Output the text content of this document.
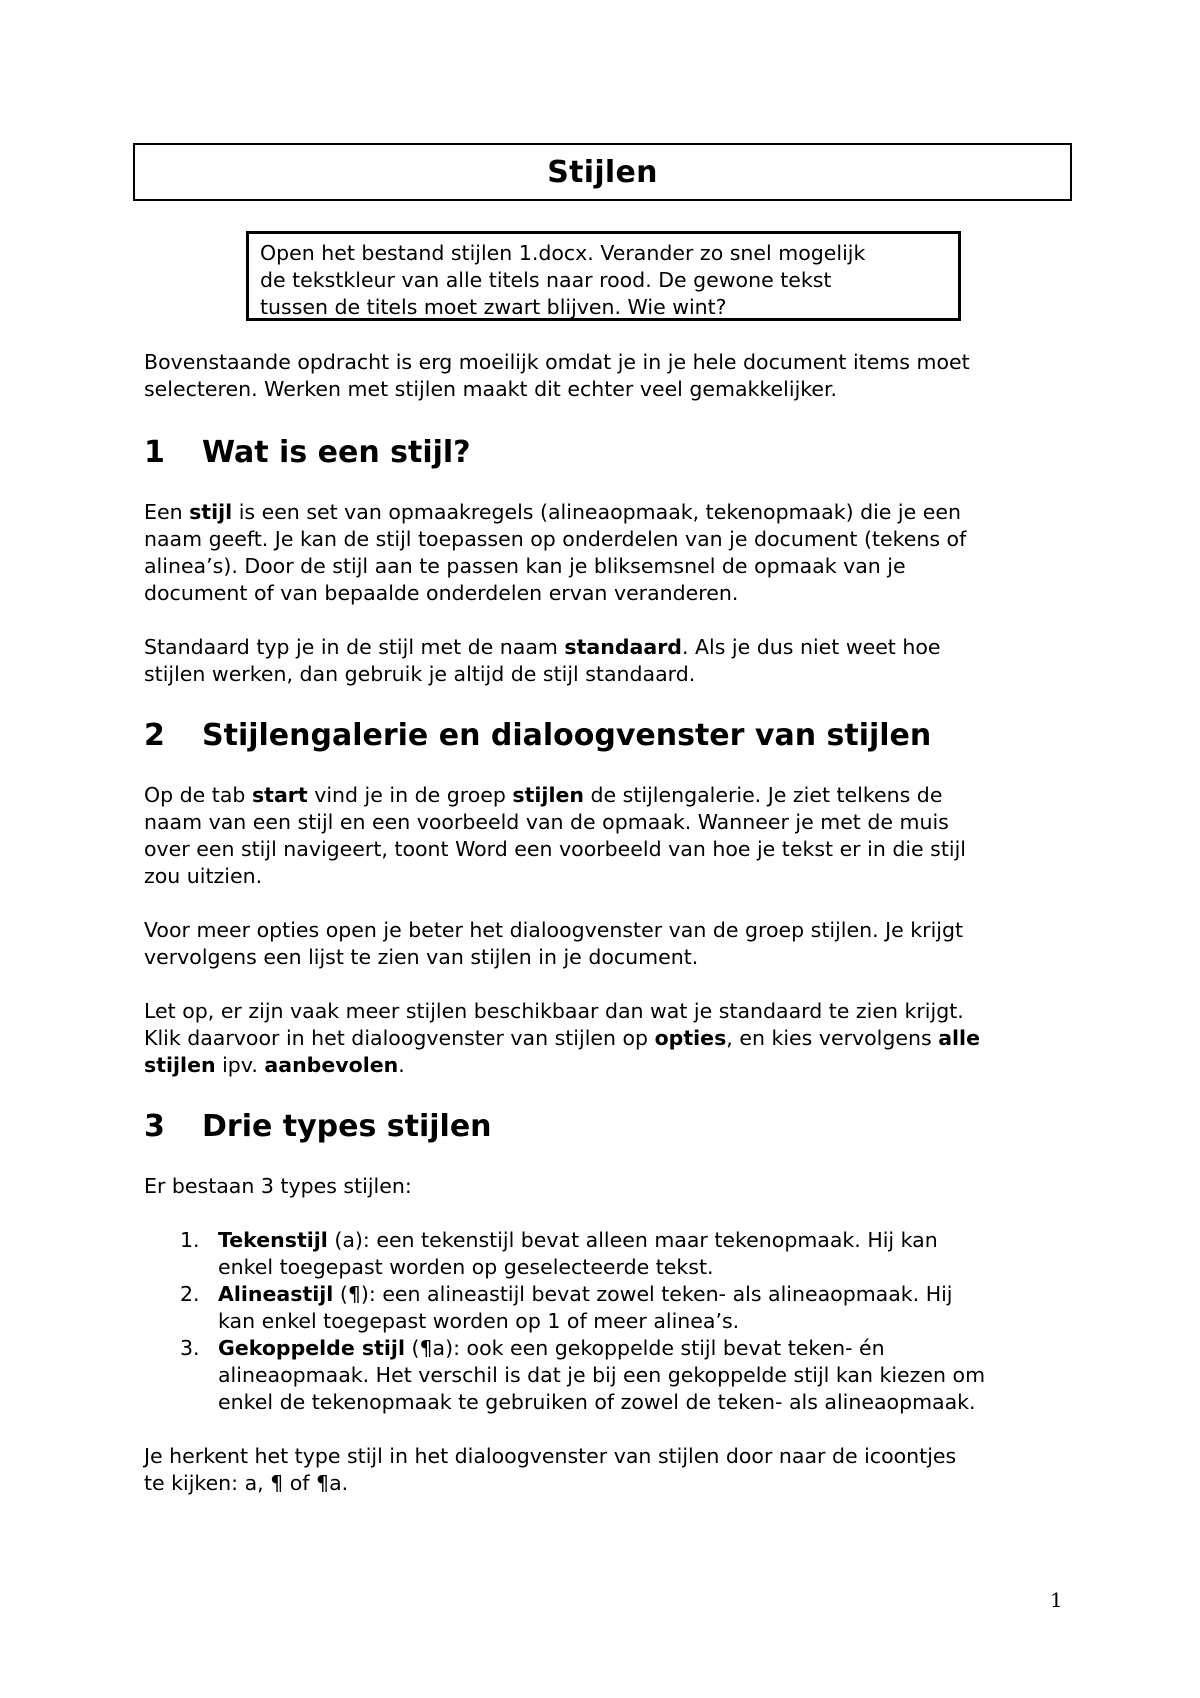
Stijlen
Open het bestand stijlen 1.docx. Verander zo snel mogelijk
de tekstkleur van alle titels naar rood. De gewone tekst
tussen de titels moet zwart blijven. Wie wint?

Bovenstaande opdracht is erg moeilijk omdat je in je hele document items moet
selecteren. Werken met stijlen maakt dit echter veel gemakkelijker.

1	Wat is een stijl?

Een stijl is een set van opmaakregels (alineaopmaak, tekenopmaak) die je een
naam geeft. Je kan de stijl toepassen op onderdelen van je document (tekens of
alinea’s). Door de stijl aan te passen kan je bliksemsnel de opmaak van je
document of van bepaalde onderdelen ervan veranderen.

Standaard typ je in de stijl met de naam standaard. Als je dus niet weet hoe
stijlen werken, dan gebruik je altijd de stijl standaard.

2	Stijlengalerie en dialoogvenster van stijlen

Op de tab start vind je in de groep stijlen de stijlengalerie. Je ziet telkens de
naam van een stijl en een voorbeeld van de opmaak. Wanneer je met de muis
over een stijl navigeert, toont Word een voorbeeld van hoe je tekst er in die stijl
zou uitzien.

Voor meer opties open je beter het dialoogvenster van de groep stijlen. Je krijgt
vervolgens een lijst te zien van stijlen in je document.

Let op, er zijn vaak meer stijlen beschikbaar dan wat je standaard te zien krijgt.
Klik daarvoor in het dialoogvenster van stijlen op opties, en kies vervolgens alle
stijlen ipv. aanbevolen.

3	Drie types stijlen

Er bestaan 3 types stijlen:

1. Tekenstijl (a): een tekenstijl bevat alleen maar tekenopmaak. Hij kan
enkel toegepast worden op geselecteerde tekst.
2. Alineastijl (¶): een alineastijl bevat zowel teken- als alineaopmaak. Hij
kan enkel toegepast worden op 1 of meer alinea’s.
3. Gekoppelde stijl (¶a): ook een gekoppelde stijl bevat teken- én
alineaopmaak. Het verschil is dat je bij een gekoppelde stijl kan kiezen om
enkel de tekenopmaak te gebruiken of zowel de teken- als alineaopmaak.

Je herkent het type stijl in het dialoogvenster van stijlen door naar de icoontjes
te kijken: a, ¶ of ¶a.

1
